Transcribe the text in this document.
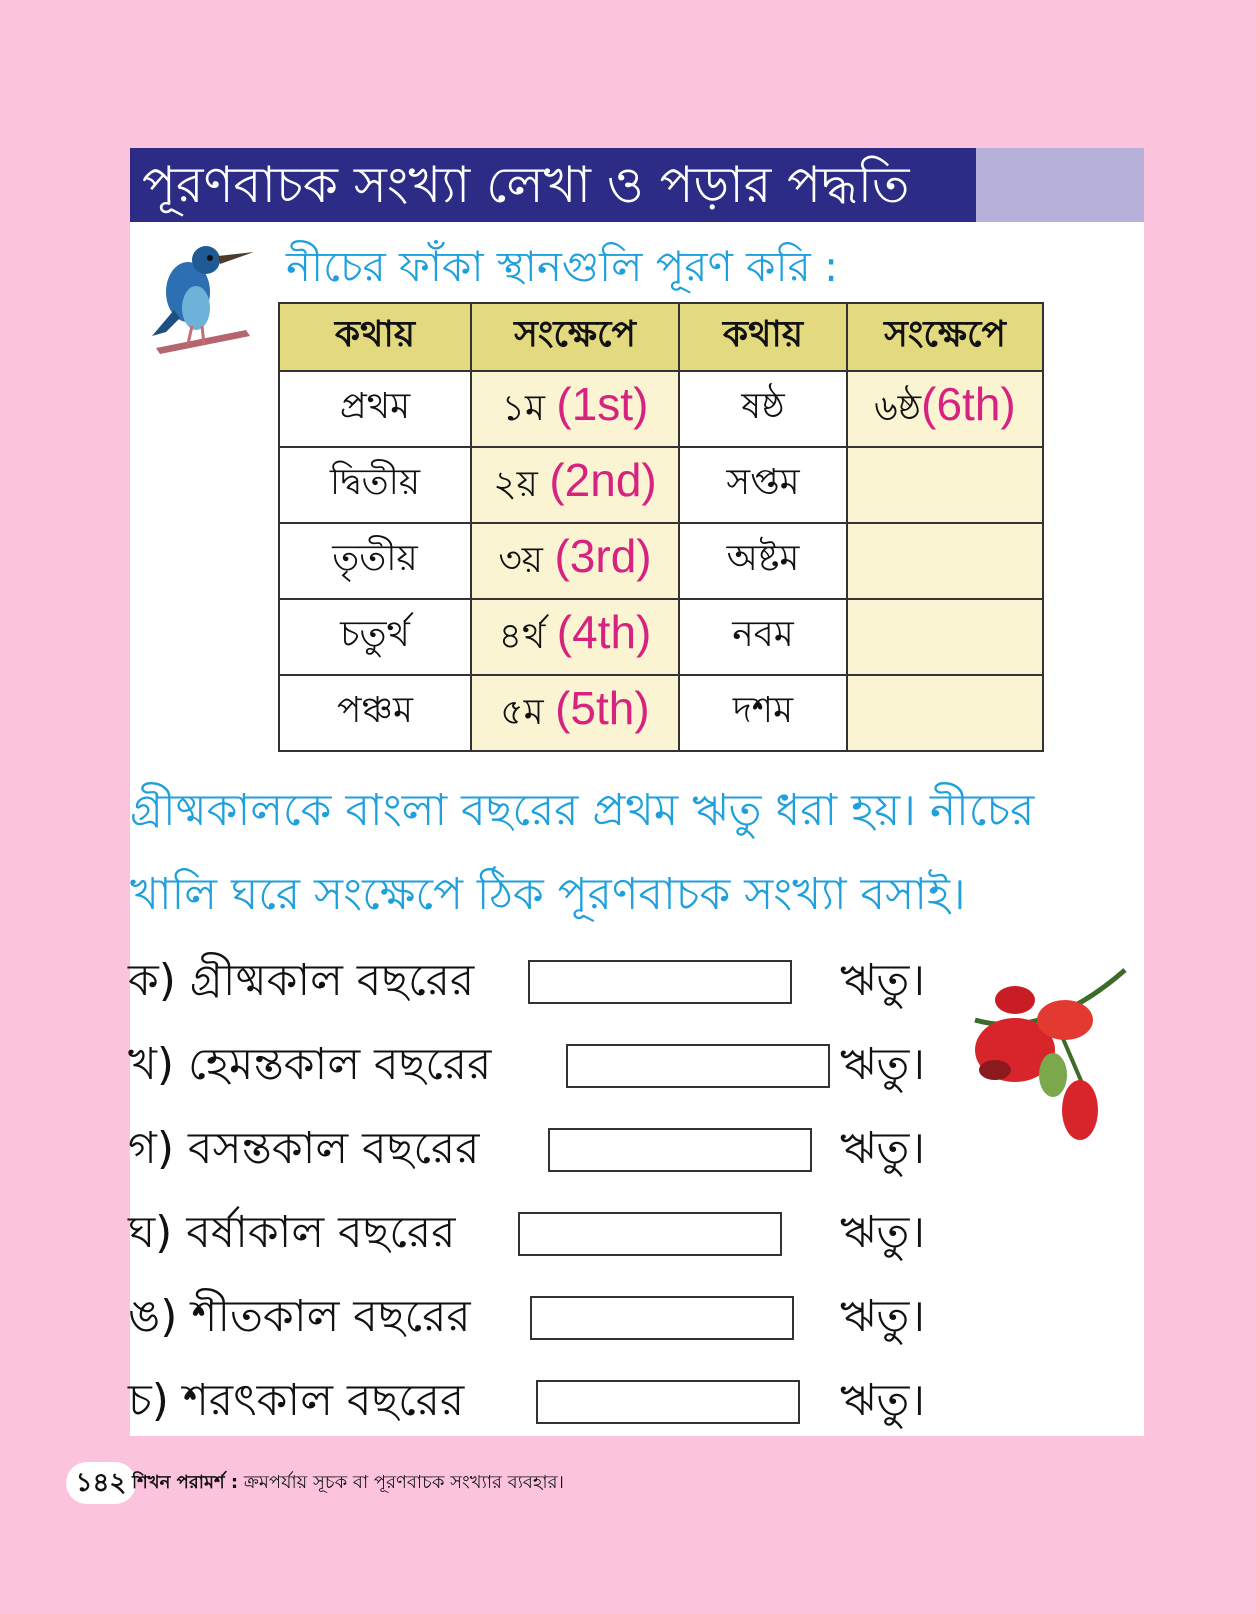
পূরণবাচক সংখ্যা লেখা ও পড়ার পদ্ধতি
নীচের ফাঁকা স্থানগুলি পূরণ করি :
কথায়	সংক্ষেপে	কথায়	সংক্ষেপে
প্রথম	১ম (1st)	ষষ্ঠ	৬ষ্ঠ(6th)
দ্বিতীয়	২য় (2nd)	সপ্তম	
তৃতীয়	৩য় (3rd)	অষ্টম	
চতুর্থ	৪র্থ (4th)	নবম	
পঞ্চম	৫ম (5th)	দশম	
গ্রীষ্মকালকে বাংলা বছরের প্রথম ঋতু ধরা হয়। নীচের
খালি ঘরে সংক্ষেপে ঠিক পূরণবাচক সংখ্যা বসাই।
ক) গ্রীষ্মকাল বছরের	ঋতু।
খ) হেমন্তকাল বছরের	ঋতু।
গ) বসন্তকাল বছরের	ঋতু।
ঘ) বর্ষাকাল বছরের	ঋতু।
ঙ) শীতকাল বছরের	ঋতু।
চ) শরৎকাল বছরের	ঋতু।
১৪২ শিখন পরামর্শ : ক্রমপর্যায় সূচক বা পূরণবাচক সংখ্যার ব্যবহার।
